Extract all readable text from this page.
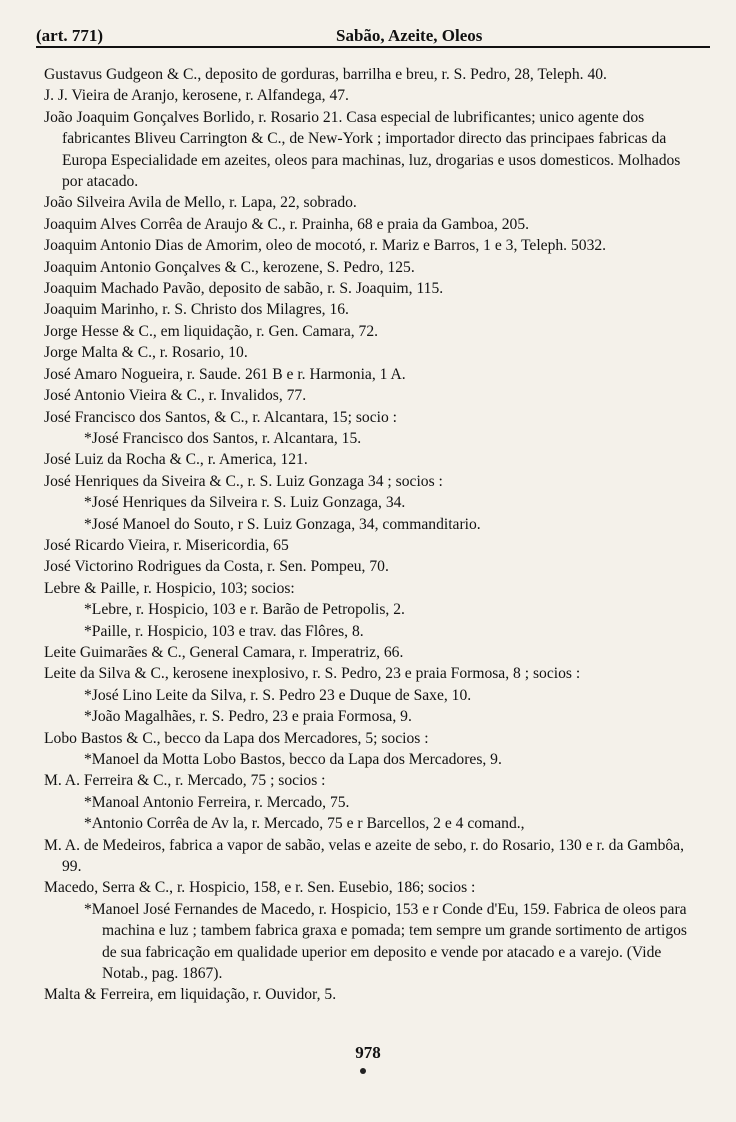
(art. 771)	Sabão, Azeite, Oleos

Gustavus Gudgeon & C., deposito de gorduras, barrilha e breu, r. S. Pedro, 28, Teleph. 40.

J. J. Vieira de Aranjo, kerosene, r. Alfandega, 47.

João Joaquim Gonçalves Borlido, r. Rosario 21. Casa especial de lubrificantes; unico agente dos fabricantes Bliveu Carrington & C., de New-York ; importador directo das principaes fabricas da Europa Especialidade em azeites, oleos para machinas, luz, drogarias e usos domesticos. Molhados por atacado.

João Silveira Avila de Mello, r. Lapa, 22, sobrado.

Joaquim Alves Corrêa de Araujo & C., r. Prainha, 68 e praia da Gamboa, 205.

Joaquim Antonio Dias de Amorim, oleo de mocotó, r. Mariz e Barros, 1 e 3, Teleph. 5032.

Joaquim Antonio Gonçalves & C., kerozene, S. Pedro, 125.

Joaquim Machado Pavão, deposito de sabão, r. S. Joaquim, 115.

Joaquim Marinho, r. S. Christo dos Milagres, 16.

Jorge Hesse & C., em liquidação, r. Gen. Camara, 72.

Jorge Malta & C., r. Rosario, 10.

José Amaro Nogueira, r. Saude. 261 B e r. Harmonia, 1 A.

José Antonio Vieira & C., r. Invalidos, 77.

José Francisco dos Santos, & C., r. Alcantara, 15; socio :

*José Francisco dos Santos, r. Alcantara, 15.

José Luiz da Rocha & C., r. America, 121.

José Henriques da Siveira & C., r. S. Luiz Gonzaga 34 ; socios :

*José Henriques da Silveira r. S. Luiz Gonzaga, 34.

*José Manoel do Souto, r S. Luiz Gonzaga, 34, commanditario.

José Ricardo Vieira, r. Misericordia, 65

José Victorino Rodrigues da Costa, r. Sen. Pompeu, 70.

Lebre & Paille, r. Hospicio, 103; socios:

*Lebre, r. Hospicio, 103 e r. Barão de Petropolis, 2.

*Paille, r. Hospicio, 103 e trav. das Flôres, 8.

Leite Guimarães & C., General Camara, r. Imperatriz, 66.

Leite da Silva & C., kerosene inexplosivo, r. S. Pedro, 23 e praia Formosa, 8 ; socios :

*José Lino Leite da Silva, r. S. Pedro 23 e Duque de Saxe, 10.

*João Magalhães, r. S. Pedro, 23 e praia Formosa, 9.

Lobo Bastos & C., becco da Lapa dos Mercadores, 5; socios :

*Manoel da Motta Lobo Bastos, becco da Lapa dos Mercadores, 9.

M. A. Ferreira & C., r. Mercado, 75 ; socios :

*Manoal Antonio Ferreira, r. Mercado, 75.

*Antonio Corrêa de Av la, r. Mercado, 75 e r Barcellos, 2 e 4 comand.,

M. A. de Medeiros, fabrica a vapor de sabão, velas e azeite de sebo, r. do Rosario, 130 e r. da Gambôa, 99.

Macedo, Serra & C., r. Hospicio, 158, e r. Sen. Eusebio, 186; socios :

*Manoel José Fernandes de Macedo, r. Hospicio, 153 e r Conde d'Eu, 159. Fabrica de oleos para machina e luz ; tambem fabrica graxa e pomada; tem sempre um grande sortimento de artigos de sua fabricação em qualidade uperior em deposito e vende por atacado e a varejo. (Vide Notab., pag. 1867).

Malta & Ferreira, em liquidação, r. Ouvidor, 5.

978
